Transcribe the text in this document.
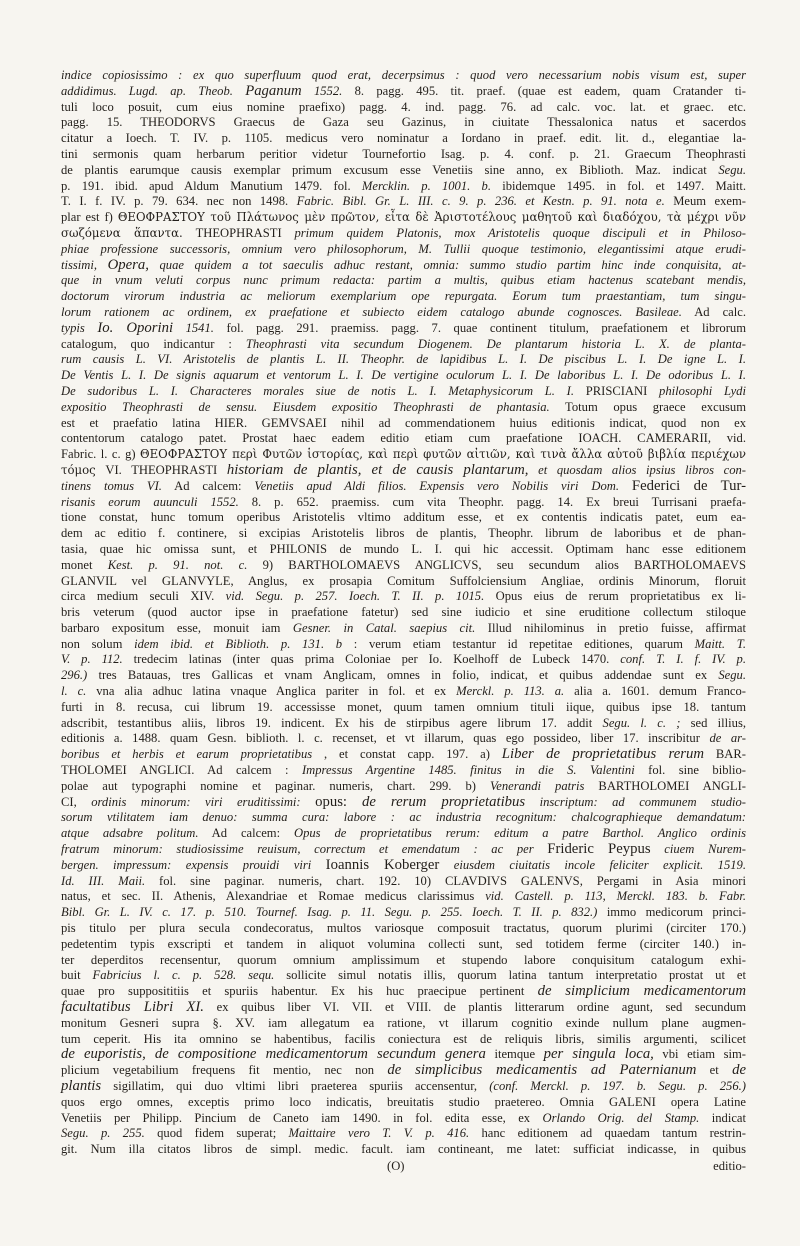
indice copiosissimo : ex quo superfluum quod erat, decerpsimus : quod vero necessarium nobis visum est, super
addidimus. Lugd. ap. Theob. Paganum 1552. 8. pagg. 495. tit. praef. (quae est eadem, quam Cratander ti-
tuli loco posuit, cum eius nomine praefixo) pagg. 4. ind. pagg. 76. ad calc. voc. lat. et graec. etc.
pagg. 15. THEODORVS Graecus de Gaza seu Gazinus, in ciuitate Thessalonica natus et sacerdos
citatur a Ioech. T. IV. p. 1105. medicus vero nominatur a Iordano in praef. edit. lit. d., elegantiae la-
tini sermonis quam herbarum peritior videtur Tournefortio Isag. p. 4. conf. p. 21. Graecum Theophrasti
de plantis earumque causis exemplar primum excusum esse Venetiis sine anno, ex Biblioth. Maz. indicat Segu.
p. 191. ibid. apud Aldum Manutium 1479. fol. Mercklin. p. 1001. b. ibidemque 1495. in fol. et 1497. Maitt.
T. I. f. IV. p. 79. 634. nec non 1498. Fabric. Bibl. Gr. L. III. c. 9. p. 236. et Kestn. p. 91. nota e. Meum exem-
plar est f) ΘΕΟΦΡΑΣΤΟΥ τοῦ Πλάτωνος μὲν πρῶτον, εἶτα δὲ Ἀριστοτέλους μαθητοῦ καὶ διαδόχου, τὰ μέχρι νῦν
σωζόμενα ἅπαντα. THEOPHRASTI primum quidem Platonis, mox Aristotelis quoque discipuli et in Philoso-
phiae professione successoris, omnium vero philosophorum, M. Tullii quoque testimonio, elegantissimi atque erudi-
tissimi, Opera, quae quidem a tot saeculis adhuc restant, omnia: summo studio partim hinc inde conquisita, at-
que in vnum veluti corpus nunc primum redacta: partim a multis, quibus etiam hactenus scatebant mendis,
doctorum virorum industria ac meliorum exemplarium ope repurgata. Eorum tum praestantiam, tum singu-
lorum rationem ac ordinem, ex praefatione et subiecto eidem catalogo abunde cognosces. Basileae. Ad calc.
typis Io. Oporini 1541. fol. pagg. 291. praemiss. pagg. 7. quae continent titulum, praefationem et librorum
catalogum, quo indicantur : Theophrasti vita secundum Diogenem. De plantarum historia L. X. de planta-
rum causis L. VI. Aristotelis de plantis L. II. Theophr. de lapidibus L. I. De piscibus L. I. De igne L. I.
De Ventis L. I. De signis aquarum et ventorum L. I. De vertigine oculorum L. I. De laboribus L. I. De odoribus L. I.
De sudoribus L. I. Characteres morales siue de notis L. I. Metaphysicorum L. I. PRISCIANI philosophi Lydi
expositio Theophrasti de sensu. Eiusdem expositio Theophrasti de phantasia. Totum opus graece excusum
est et praefatio latina HIER. GEMVSAEI nihil ad commendationem huius editionis indicat, quod non ex
contentorum catalogo patet. Prostat haec eadem editio etiam cum praefatione IOACH. CAMERARII, vid.
Fabric. l. c. g) ΘΕΟΦΡΑΣΤΟΥ περὶ Φυτῶν ἱστορίας, καὶ περὶ φυτῶν αἰτιῶν, καὶ τινὰ ἄλλα αὐτοῦ βιβλία περιέχων
τόμος VI. THEOPHRASTI historiam de plantis, et de causis plantarum, et quosdam alios ipsius libros con-
tinens tomus VI. Ad calcem: Venetiis apud Aldi filios. Expensis vero Nobilis viri Dom. Federici de Tur-
risanis eorum auunculi 1552. 8. p. 652. praemiss. cum vita Theophr. pagg. 14. Ex breui Turrisani praefa-
tione constat, hunc tomum operibus Aristotelis vltimo additum esse, et ex contentis indicatis patet, eum ea-
dem ac editio f. continere, si excipias Aristotelis libros de plantis, Theophr. librum de laboribus et de phan-
tasia, quae hic omissa sunt, et PHILONIS de mundo L. I. qui hic accessit. Optimam hanc esse editionem
monet Kest. p. 91. not. c. 9) BARTHOLOMAEVS ANGLICVS, seu secundum alios BARTHOLOMAEVS
GLANVIL vel GLANVYLE, Anglus, ex prosapia Comitum Suffolciensium Angliae, ordinis Minorum, floruit
circa medium seculi XIV. vid. Segu. p. 257. Ioech. T. II. p. 1015. Opus eius de rerum proprietatibus ex li-
bris veterum (quod auctor ipse in praefatione fatetur) sed sine iudicio et sine eruditione collectum stiloque
barbaro expositum esse, monuit iam Gesner. in Catal. saepius cit. Illud nihilominus in pretio fuisse, affirmat
non solum idem ibid. et Biblioth. p. 131. b : verum etiam testantur id repetitae editiones, quarum Maitt. T.
V. p. 112. tredecim latinas (inter quas prima Coloniae per Io. Koelhoff de Lubeck 1470. conf. T. I. f. IV. p.
296.) tres Batauas, tres Gallicas et vnam Anglicam, omnes in folio, indicat, et quibus addendae sunt ex Segu.
l. c. vna alia adhuc latina vnaque Anglica pariter in fol. et ex Merckl. p. 113. a. alia a. 1601. demum Franco-
furti in 8. recusa, cui librum 19. accessisse monet, quum tamen omnium tituli iique, quibus ipse 18. tantum
adscribit, testantibus aliis, libros 19. indicent. Ex his de stirpibus agere librum 17. addit Segu. l. c. ; sed illius,
editionis a. 1488. quam Gesn. biblioth. l. c. recenset, et vt illarum, quas ego possideo, liber 17. inscribitur de ar-
boribus et herbis et earum proprietatibus , et constat capp. 197. a) Liber de proprietatibus rerum BAR-
THOLOMEI ANGLICI. Ad calcem : Impressus Argentine 1485. finitus in die S. Valentini fol. sine biblio-
polae aut typographi nomine et paginar. numeris, chart. 299. b) Venerandi patris BARTHOLOMEI ANGLI-
CI, ordinis minorum: viri eruditissimi: opus: de rerum proprietatibus inscriptum: ad communem studio-
sorum vtilitatem iam denuo: summa cura: labore : ac industria recognitum: chalcographieque demandatum:
atque adsabre politum. Ad calcem: Opus de proprietatibus rerum: editum a patre Barthol. Anglico ordinis
fratrum minorum: studiosissime reuisum, correctum et emendatum : ac per Frideric Peypus ciuem Nurem-
bergen. impressum: expensis prouidi viri Ioannis Koberger eiusdem ciuitatis incole feliciter explicit. 1519.
Id. III. Maii. fol. sine paginar. numeris, chart. 192. 10) CLAVDIVS GALENVS, Pergami in Asia minori
natus, et sec. II. Athenis, Alexandriae et Romae medicus clarissimus vid. Castell. p. 113, Merckl. 183. b. Fabr.
Bibl. Gr. L. IV. c. 17. p. 510. Tournef. Isag. p. 11. Segu. p. 255. Ioech. T. II. p. 832.) immo medicorum princi-
pis titulo per plura secula condecoratus, multos variosque composuit tractatus, quorum plurimi (circiter 170.)
pedetentim typis exscripti et tandem in aliquot volumina collecti sunt, sed totidem ferme (circiter 140.) in-
ter deperditos recensentur, quorum omnium amplissimum et stupendo labore conquisitum catalogum exhi-
buit Fabricius l. c. p. 528. sequ. sollicite simul notatis illis, quorum latina tantum interpretatio prostat ut et
quae pro supposititiis et spuriis habentur. Ex his huc praecipue pertinent de simplicium medicamentorum
facultatibus Libri XI. ex quibus liber VI. VII. et VIII. de plantis litterarum ordine agunt, sed secundum
monitum Gesneri supra §. XV. iam allegatum ea ratione, vt illarum cognitio exinde nullum plane augmen-
tum ceperit. His ita omnino se habentibus, facilis coniectura est de reliquis libris, similis argumenti, scilicet
de euporistis, de compositione medicamentorum secundum genera itemque per singula loca, vbi etiam sim-
plicium vegetabilium frequens fit mentio, nec non de simplicibus medicamentis ad Paternianum et de
plantis sigillatim, qui duo vltimi libri praeterea spuriis accensentur, (conf. Merckl. p. 197. b. Segu. p. 256.)
quos ergo omnes, exceptis primo loco indicatis, breuitatis studio praetereo. Omnia GALENI opera Latine
Venetiis per Philipp. Pincium de Caneto iam 1490. in fol. edita esse, ex Orlando Orig. del Stamp. indicat
Segu. p. 255. quod fidem superat; Maittaire vero T. V. p. 416. hanc editionem ad quaedam tantum restrin-
git. Num illa citatos libros de simpl. medic. facult. iam contineant, me latet: sufficiat indicasse, in quibus
(O)	editio-
